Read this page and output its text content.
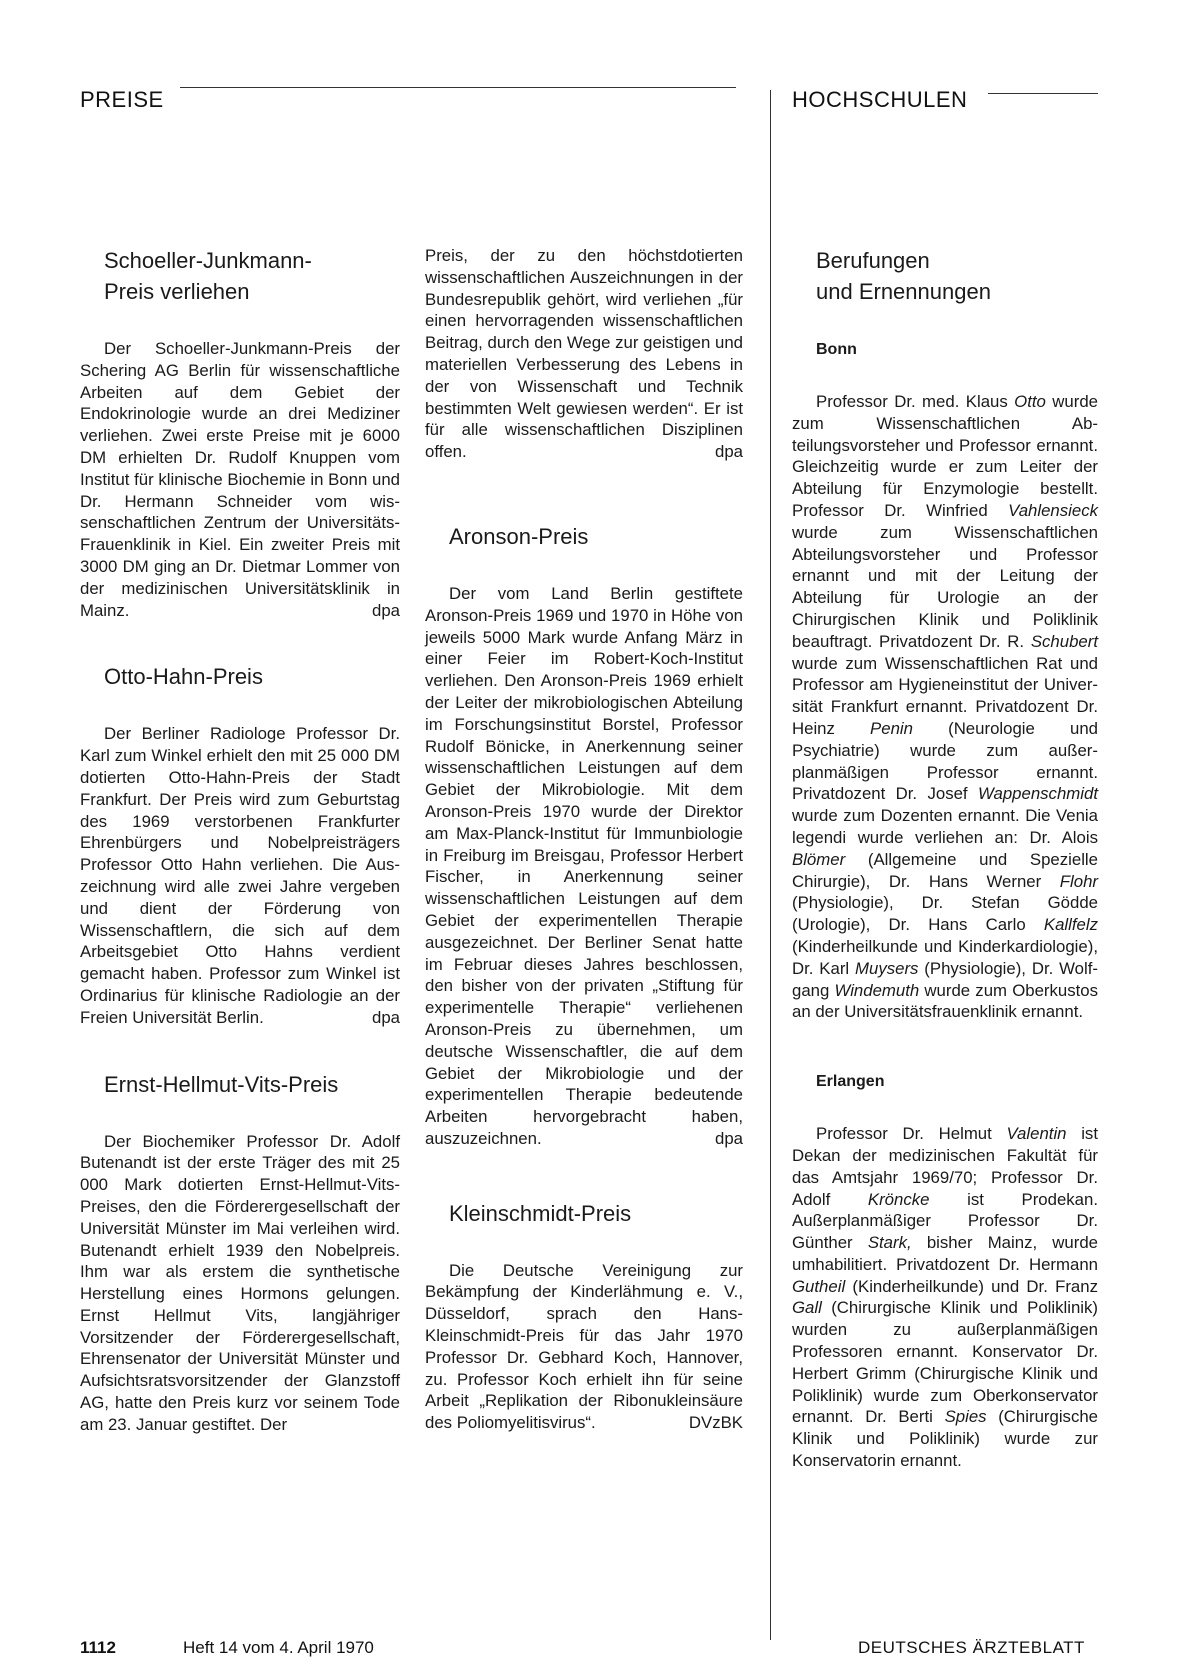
PREISE	HOCHSCHULEN
Schoeller-Junkmann-
Preis verliehen

Der Schoeller-Junkmann-Preis der Schering AG Berlin für wissenschaftliche Arbeiten auf dem Gebiet der Endokrinologie wurde an drei Mediziner verliehen. Zwei erste Preise mit je 6000 DM erhielten Dr. Rudolf Knuppen vom Institut für klinische Biochemie in Bonn und Dr. Hermann Schneider vom wissenschaftlichen Zentrum der Universitäts-Frauenklinik in Kiel. Ein zweiter Preis mit 3000 DM ging an Dr. Dietmar Lommer von der medizinischen Universitätsklinik in Mainz.	dpa

Otto-Hahn-Preis

Der Berliner Radiologe Professor Dr. Karl zum Winkel erhielt den mit 25 000 DM dotierten Otto-Hahn-Preis der Stadt Frankfurt. Der Preis wird zum Geburtstag des 1969 verstorbenen Frankfurter Ehrenbürgers und Nobelpreisträgers Professor Otto Hahn verliehen. Die Auszeichnung wird alle zwei Jahre vergeben und dient der Förderung von Wissenschaftlern, die sich auf dem Arbeitsgebiet Otto Hahns verdient gemacht haben. Professor zum Winkel ist Ordinarius für klinische Radiologie an der Freien Universität Berlin.	dpa

Ernst-Hellmut-Vits-Preis

Der Biochemiker Professor Dr. Adolf Butenandt ist der erste Träger des mit 25 000 Mark dotierten Ernst-Hellmut-Vits-Preises, den die Förderergesellschaft der Universität Münster im Mai verleihen wird. Butenandt erhielt 1939 den Nobelpreis. Ihm war als erstem die synthetische Herstellung eines Hormons gelungen. Ernst Hellmut Vits, langjähriger Vorsitzender der Förderergesellschaft, Ehrensenator der Universität Münster und Aufsichtsratsvorsitzender der Glanzstoff AG, hatte den Preis kurz vor seinem Tode am 23. Januar gestiftet. Der

Preis, der zu den höchstdotierten wissenschaftlichen Auszeichnungen in der Bundesrepublik gehört, wird verliehen „für einen hervorragenden wissenschaftlichen Beitrag, durch den Wege zur geistigen und materiellen Verbesserung des Lebens in der von Wissenschaft und Technik bestimmten Welt gewiesen werden“. Er ist für alle wissenschaftlichen Disziplinen offen.	dpa

Aronson-Preis

Der vom Land Berlin gestiftete Aronson-Preis 1969 und 1970 in Höhe von jeweils 5000 Mark wurde Anfang März in einer Feier im Robert-Koch-Institut verliehen. Den Aronson-Preis 1969 erhielt der Leiter der mikrobiologischen Abteilung im Forschungsinstitut Borstel, Professor Rudolf Bönicke, in Anerkennung seiner wissenschaftlichen Leistungen auf dem Gebiet der Mikrobiologie. Mit dem Aronson-Preis 1970 wurde der Direktor am Max-Planck-Institut für Immunbiologie in Freiburg im Breisgau, Professor Herbert Fischer, in Anerkennung seiner wissenschaftlichen Leistungen auf dem Gebiet der experimentellen Therapie ausgezeichnet. Der Berliner Senat hatte im Februar dieses Jahres beschlossen, den bisher von der privaten „Stiftung für experimentelle Therapie“ verliehenen Aronson-Preis zu übernehmen, um deutsche Wissenschaftler, die auf dem Gebiet der Mikrobiologie und der experimentellen Therapie bedeutende Arbeiten hervorgebracht haben, auszuzeichnen.	dpa

Kleinschmidt-Preis

Die Deutsche Vereinigung zur Bekämpfung der Kinderlähmung e. V., Düsseldorf, sprach den Hans-Kleinschmidt-Preis für das Jahr 1970 Professor Dr. Gebhard Koch, Hannover, zu. Professor Koch erhielt ihn für seine Arbeit „Replikation der Ribonukleinsäure des Poliomyelitisvirus“.	DVzBK

Berufungen
und Ernennungen
Bonn

Professor Dr. med. Klaus Otto wurde zum Wissenschaftlichen Abteilungsvorsteher und Professor ernannt. Gleichzeitig wurde er zum Leiter der Abteilung für Enzymologie bestellt. Professor Dr. Winfried Vahlensieck wurde zum Wissenschaftlichen Abteilungsvorsteher und Professor ernannt und mit der Leitung der Abteilung für Urologie an der Chirurgischen Klinik und Poliklinik beauftragt. Privatdozent Dr. R. Schubert wurde zum Wissenschaftlichen Rat und Professor am Hygieneinstitut der Universität Frankfurt ernannt. Privatdozent Dr. Heinz Penin (Neurologie und Psychiatrie) wurde zum außerplanmäßigen Professor ernannt. Privatdozent Dr. Josef Wappenschmidt wurde zum Dozenten ernannt. Die Venia legendi wurde verliehen an: Dr. Alois Blömer (Allgemeine und Spezielle Chirurgie), Dr. Hans Werner Flohr (Physiologie), Dr. Stefan Gödde (Urologie), Dr. Hans Carlo Kallfelz (Kinderheilkunde und Kinderkardiologie), Dr. Karl Muysers (Physiologie), Dr. Wolfgang Windemuth wurde zum Oberkustos an der Universitätsfrauenklinik ernannt.

Erlangen

Professor Dr. Helmut Valentin ist Dekan der medizinischen Fakultät für das Amtsjahr 1969/70; Professor Dr. Adolf Kröncke ist Prodekan. Außerplanmäßiger Professor Dr. Günther Stark, bisher Mainz, wurde umhabilitiert. Privatdozent Dr. Hermann Gutheil (Kinderheilkunde) und Dr. Franz Gall (Chirurgische Klinik und Poliklinik) wurden zu außerplanmäßigen Professoren ernannt. Konservator Dr. Herbert Grimm (Chirurgische Klinik und Poliklinik) wurde zum Oberkonservator ernannt. Dr. Berti Spies (Chirurgische Klinik und Poliklinik) wurde zur Konservatorin ernannt.

1112	Heft 14 vom 4. April 1970	DEUTSCHES ÄRZTEBLATT
